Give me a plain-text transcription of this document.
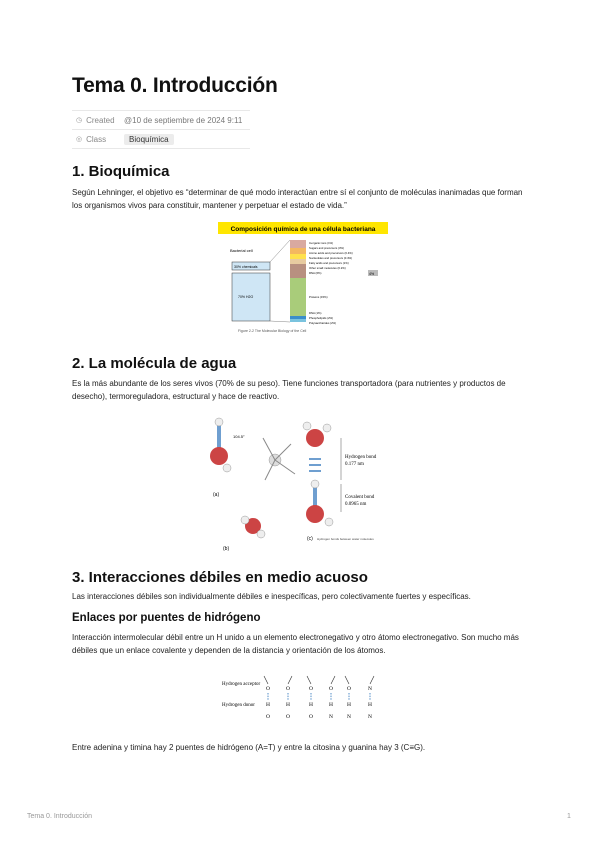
Tema 0. Introducción
◷ Created @10 de septiembre de 2024 9:11
◎ Class	Bioquímica
1. Bioquímica

Según Lehninger, el objetivo es “determinar de qué modo interactúan entre sí el conjunto de moléculas inanimadas que forman los organismos vivos para constituir, mantener y perpetuar el estado de vida.”

Composición química de una célula bacteriana
Bacterial cell
30% chemicals
70% H2O
Inorganic ions (1%)
Sugars and precursors (3%)
Amino acids and precursors (0.4%)
Nucleotides and precursors (0.4%)
Fatty acids and precursors (1%)
Other small molecules (0.2%)
RNA (6%)
Proteins (15%)
DNA (1%)
Phospholipids (2%)
Polysaccharides (2%)
4%
Figure 2-2 The Molecular Biology of the Cell
2. La molécula de agua

Es la más abundante de los seres vivos (70% de su peso). Tiene funciones transportadora (para nutrientes y productos de desecho), termoreguladora, estructural y hace de reactivo.

104.5°
(a)
(b)
Hydrogen bond
0.177 nm
Covalent bond
0.0965 nm
(c) Hydrogen bonds between water molecules
3. Interacciones débiles en medio acuoso

Las interacciones débiles son individualmente débiles e inespecíficas, pero colectivamente fuertes y específicas.

Enlaces por puentes de hidrógeno

Interacción intermolecular débil entre un H unido a un elemento electronegativo y otro átomo electronegativo. Son mucho más débiles que un enlace covalente y dependen de la distancia y orientación de los átomos.

Hydrogen acceptor
Hydrogen donor
O
H
O
O
H
O
O
H
O
O
H
N
O
H
N
N
H
N

Entre adenina y timina hay 2 puentes de hidrógeno (A=T) y entre la citosina y guanina hay 3 (C≡G).

Tema 0. Introducción	1
